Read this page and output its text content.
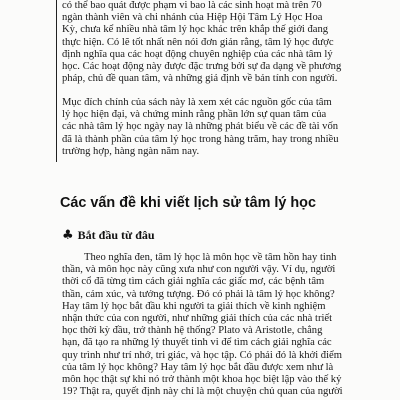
có thể bao quát được phạm vi bao là các sinh hoạt mà trên 70
ngàn thành viên và chi nhánh của Hiệp Hội Tâm Lý Học Hoa
Kỳ, chưa kể nhiều nhà tâm lý học khác trên khắp thế giới đang
thực hiện. Có lẽ tốt nhất nên nói đơn giản rằng, tâm lý học được
định nghĩa qua các hoạt động chuyên nghiệp của các nhà tâm lý
học. Các hoạt động này được đặc trưng bởi sự đa dạng về phương
pháp, chủ đề quan tâm, và những giả định về bản tính con người.
Mục đích chính của sách này là xem xét các nguồn gốc của tâm
lý học hiện đại, và chứng minh rằng phần lớn sự quan tâm của
các nhà tâm lý học ngày nay là những phát biểu về các đề tài vốn
đã là thành phần của tâm lý học trong hàng trăm, hay trong nhiều
trường hợp, hàng ngàn năm nay.
Các vấn đề khi viết lịch sử tâm lý học
♣ Bắt đầu từ đâu
Theo nghĩa đen, tâm lý học là môn học về tâm hồn hay tinh
thần, và môn học này cũng xưa như con người vậy. Ví dụ, người
thời cổ đã từng tìm cách giải nghĩa các giấc mơ, các bệnh tâm
thần, cảm xúc, và tưởng tượng. Đó có phải là tâm lý học không?
Hay tâm lý học bắt đầu khi người ta giải thích về kinh nghiệm
nhận thức của con người, như những giải thích của các nhà triết
học thời kỳ đầu, trở thành hệ thống? Plato và Aristotle, chẳng
hạn, đã tạo ra những lý thuyết tinh vi để tìm cách giải nghĩa các
quy trình như trí nhớ, tri giác, và học tập. Có phải đó là khởi điểm
của tâm lý học không? Hay tâm lý học bắt đầu được xem như là
môn học thật sự khi nó trở thành một khoa học biệt lập vào thế kỷ
19? Thật ra, quyết định này chỉ là một chuyện chủ quan của người
